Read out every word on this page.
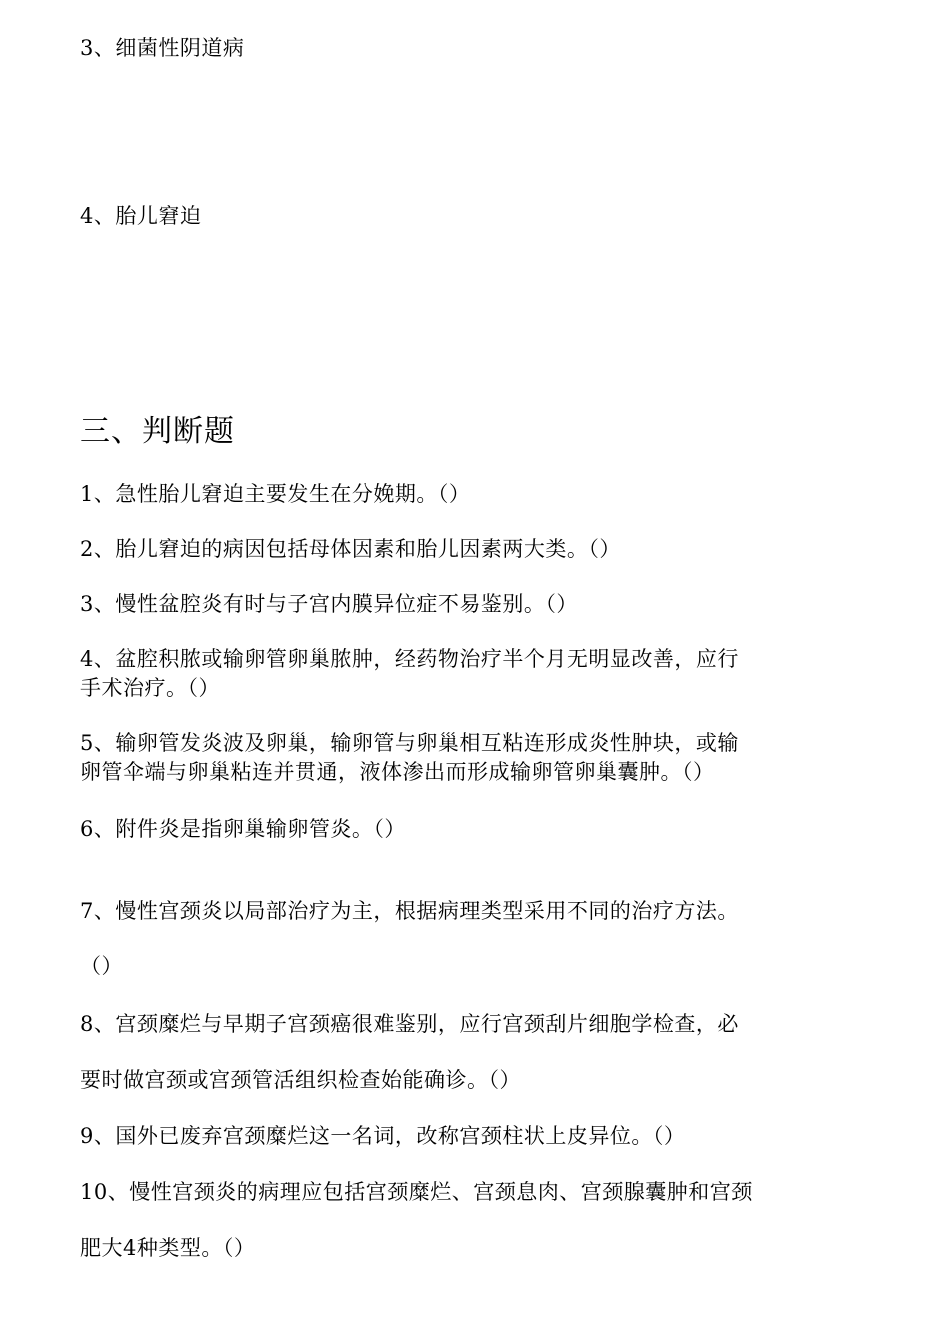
3、细菌性阴道病
4、胎儿窘迫
三、判断题
1、急性胎儿窘迫主要发生在分娩期。（）
2、胎儿窘迫的病因包括母体因素和胎儿因素两大类。（）
3、慢性盆腔炎有时与子宫内膜异位症不易鉴别。（）
4、盆腔积脓或输卵管卵巢脓肿，经药物治疗半个月无明显改善，应行
手术治疗。（）
5、输卵管发炎波及卵巢，输卵管与卵巢相互粘连形成炎性肿块，或输
卵管伞端与卵巢粘连并贯通，液体渗出而形成输卵管卵巢囊肿。（）
6、附件炎是指卵巢输卵管炎。（）
7、慢性宫颈炎以局部治疗为主，根据病理类型采用不同的治疗方法。
（）
8、宫颈糜烂与早期子宫颈癌很难鉴别，应行宫颈刮片细胞学检查，必
要时做宫颈或宫颈管活组织检查始能确诊。（）
9、国外已废弃宫颈糜烂这一名词，改称宫颈柱状上皮异位。（）
10、慢性宫颈炎的病理应包括宫颈糜烂、宫颈息肉、宫颈腺囊肿和宫颈
肥大4种类型。（）
